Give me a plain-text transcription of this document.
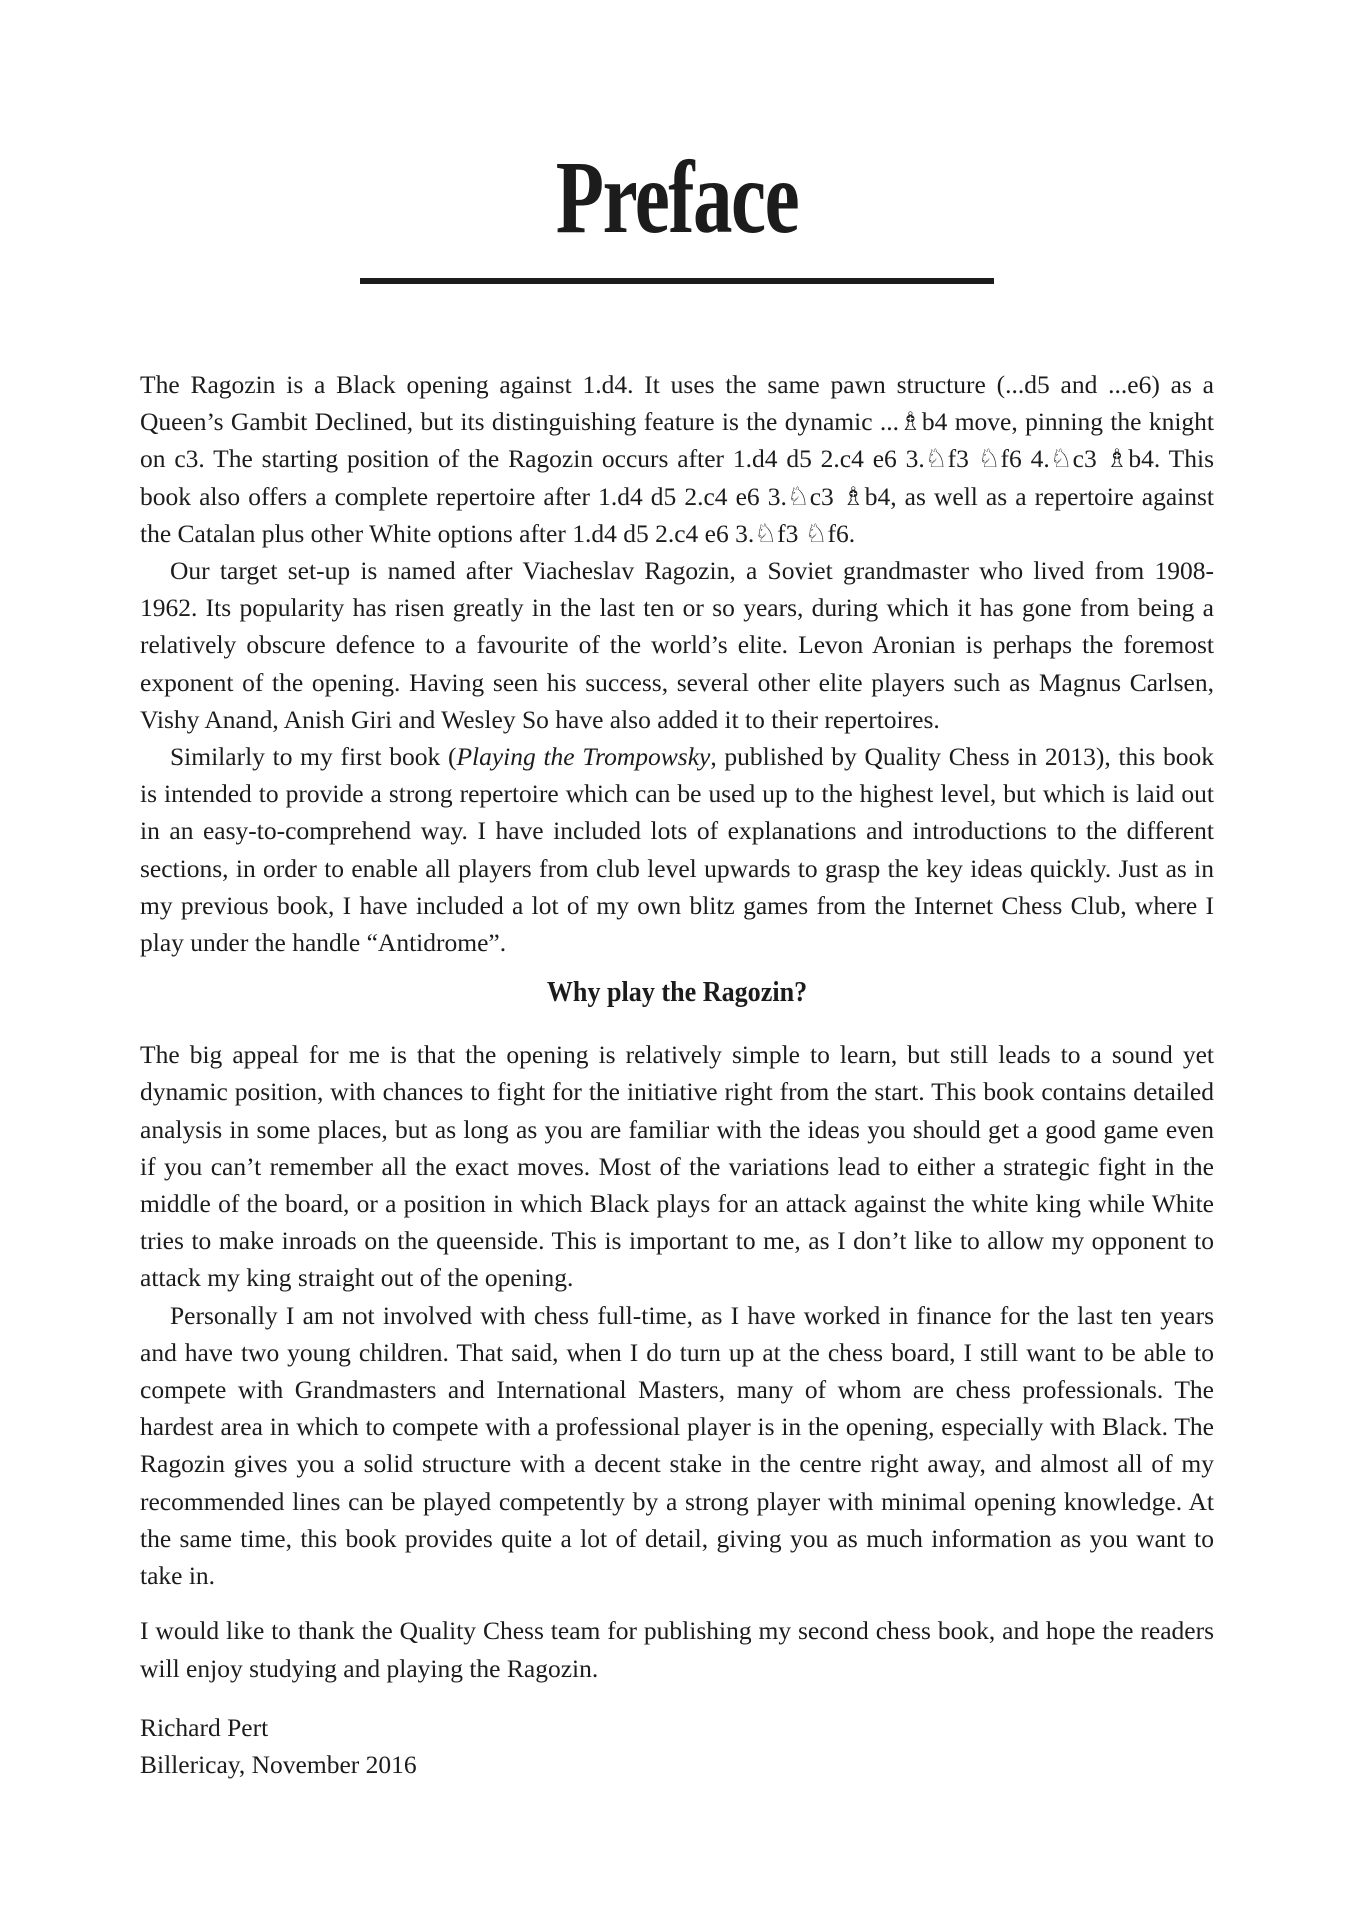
Preface

The Ragozin is a Black opening against 1.d4. It uses the same pawn structure (...d5 and ...e6) as a Queen’s Gambit Declined, but its distinguishing feature is the dynamic ...♗b4 move, pinning the knight on c3. The starting position of the Ragozin occurs after 1.d4 d5 2.c4 e6 3.♘f3 ♘f6 4.♘c3 ♗b4. This book also offers a complete repertoire after 1.d4 d5 2.c4 e6 3.♘c3 ♗b4, as well as a repertoire against the Catalan plus other White options after 1.d4 d5 2.c4 e6 3.♘f3 ♘f6.

Our target set-up is named after Viacheslav Ragozin, a Soviet grandmaster who lived from 1908-1962. Its popularity has risen greatly in the last ten or so years, during which it has gone from being a relatively obscure defence to a favourite of the world’s elite. Levon Aronian is perhaps the foremost exponent of the opening. Having seen his success, several other elite players such as Magnus Carlsen, Vishy Anand, Anish Giri and Wesley So have also added it to their repertoires.

Similarly to my first book (Playing the Trompowsky, published by Quality Chess in 2013), this book is intended to provide a strong repertoire which can be used up to the highest level, but which is laid out in an easy-to-comprehend way. I have included lots of explanations and introductions to the different sections, in order to enable all players from club level upwards to grasp the key ideas quickly. Just as in my previous book, I have included a lot of my own blitz games from the Internet Chess Club, where I play under the handle “Antidrome”.

Why play the Ragozin?

The big appeal for me is that the opening is relatively simple to learn, but still leads to a sound yet dynamic position, with chances to fight for the initiative right from the start. This book contains detailed analysis in some places, but as long as you are familiar with the ideas you should get a good game even if you can’t remember all the exact moves. Most of the variations lead to either a strategic fight in the middle of the board, or a position in which Black plays for an attack against the white king while White tries to make inroads on the queenside. This is important to me, as I don’t like to allow my opponent to attack my king straight out of the opening.

Personally I am not involved with chess full-time, as I have worked in finance for the last ten years and have two young children. That said, when I do turn up at the chess board, I still want to be able to compete with Grandmasters and International Masters, many of whom are chess professionals. The hardest area in which to compete with a professional player is in the opening, especially with Black. The Ragozin gives you a solid structure with a decent stake in the centre right away, and almost all of my recommended lines can be played competently by a strong player with minimal opening knowledge. At the same time, this book provides quite a lot of detail, giving you as much information as you want to take in.

I would like to thank the Quality Chess team for publishing my second chess book, and hope the readers will enjoy studying and playing the Ragozin.

Richard Pert

Billericay, November 2016
